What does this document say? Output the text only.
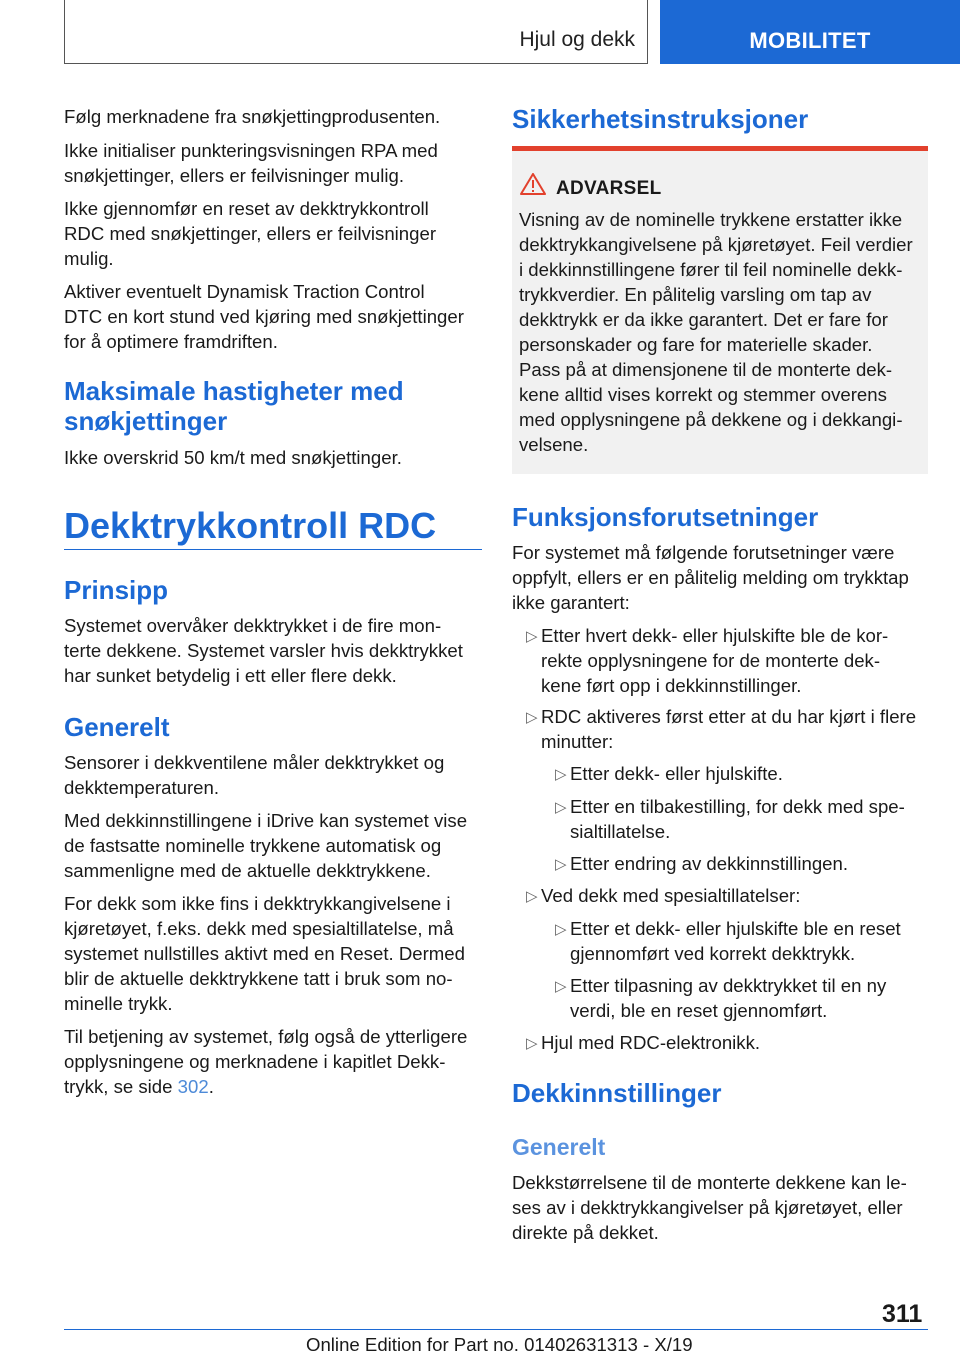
Hjul og dekk	MOBILITET

Følg merknadene fra snøkjettingprodusenten.

Ikke initialiser punkteringsvisningen RPA med

snøkjettinger, ellers er feilvisninger mulig.

Ikke gjennomfør en reset av dekktrykkontroll

RDC med snøkjettinger, ellers er feilvisninger

mulig.

Aktiver eventuelt Dynamisk Traction Control

DTC en kort stund ved kjøring med snøkjettinger

for å optimere framdriften.

Maksimale hastigheter med
snøkjettinger

Ikke overskrid 50 km/t med snøkjettinger.

Dekktrykkontroll RDC
Prinsipp

Systemet overvåker dekktrykket i de fire mon-

terte dekkene. Systemet varsler hvis dekktrykket

har sunket betydelig i ett eller flere dekk.

Generelt

Sensorer i dekkventilene måler dekktrykket og

dekktemperaturen.

Med dekkinnstillingene i iDrive kan systemet vise

de fastsatte nominelle trykkene automatisk og

sammenligne med de aktuelle dekktrykkene.

For dekk som ikke fins i dekktrykkangivelsene i

kjøretøyet, f.eks. dekk med spesialtillatelse, må

systemet nullstilles aktivt med en Reset. Dermed

blir de aktuelle dekktrykkene tatt i bruk som no-

minelle trykk.

Til betjening av systemet, følg også de ytterligere

opplysningene og merknadene i kapitlet Dekk-

trykk, se side 302.

Sikkerhetsinstruksjoner
ADVARSEL

Visning av de nominelle trykkene erstatter ikke

dekktrykkangivelsene på kjøretøyet. Feil verdier

i dekkinnstillingene fører til feil nominelle dekk-

trykkverdier. En pålitelig varsling om tap av

dekktrykk er da ikke garantert. Det er fare for

personskader og fare for materielle skader.

Pass på at dimensjonene til de monterte dek-

kene alltid vises korrekt og stemmer overens

med opplysningene på dekkene og i dekkangi-

velsene.

Funksjonsforutsetninger

For systemet må følgende forutsetninger være

oppfylt, ellers er en pålitelig melding om trykktap

ikke garantert:

▷ Etter hvert dekk- eller hjulskifte ble de kor-

rekte opplysningene for de monterte dek-

kene ført opp i dekkinnstillinger.

▷ RDC aktiveres først etter at du har kjørt i flere

minutter:

▷ Etter dekk- eller hjulskifte.

▷ Etter en tilbakestilling, for dekk med spe-

sialtillatelse.

▷ Etter endring av dekkinnstillingen.

▷ Ved dekk med spesialtillatelser:

▷ Etter et dekk- eller hjulskifte ble en reset

gjennomført ved korrekt dekktrykk.

▷ Etter tilpasning av dekktrykket til en ny

verdi, ble en reset gjennomført.

▷ Hjul med RDC-elektronikk.

Dekkinnstillinger
Generelt

Dekkstørrelsene til de monterte dekkene kan le-

ses av i dekktrykkangivelser på kjøretøyet, eller

direkte på dekket.

311
Online Edition for Part no. 01402631313 - X/19
